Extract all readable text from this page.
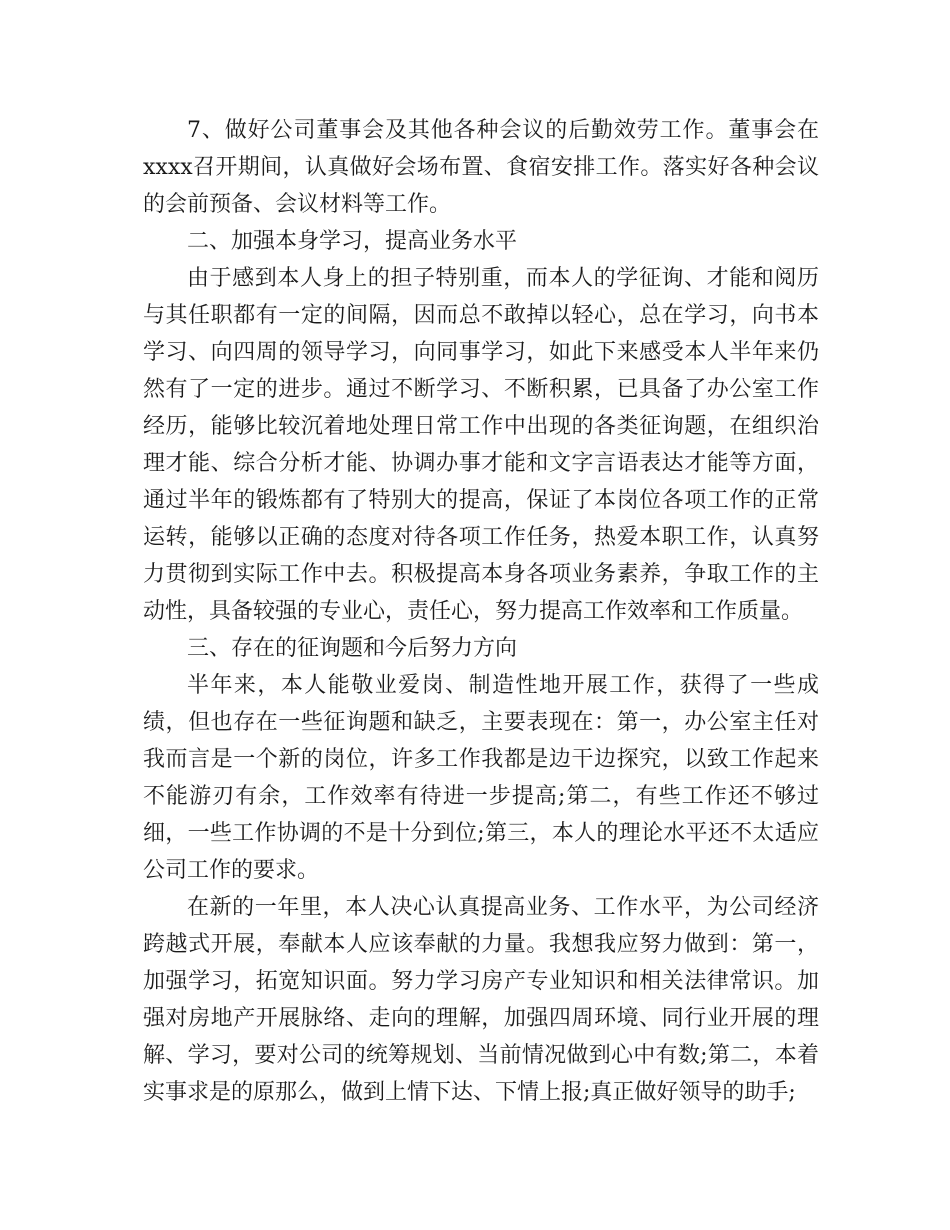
7、做好公司董事会及其他各种会议的后勤效劳工作。董事会在xxxx召开期间，认真做好会场布置、食宿安排工作。落实好各种会议的会前预备、会议材料等工作。

二、加强本身学习，提高业务水平

由于感到本人身上的担子特别重，而本人的学征询、才能和阅历与其任职都有一定的间隔，因而总不敢掉以轻心，总在学习，向书本学习、向四周的领导学习，向同事学习，如此下来感受本人半年来仍然有了一定的进步。通过不断学习、不断积累，已具备了办公室工作经历，能够比较沉着地处理日常工作中出现的各类征询题，在组织治理才能、综合分析才能、协调办事才能和文字言语表达才能等方面，通过半年的锻炼都有了特别大的提高，保证了本岗位各项工作的正常运转，能够以正确的态度对待各项工作任务，热爱本职工作，认真努力贯彻到实际工作中去。积极提高本身各项业务素养，争取工作的主动性，具备较强的专业心，责任心，努力提高工作效率和工作质量。

三、存在的征询题和今后努力方向

半年来，本人能敬业爱岗、制造性地开展工作，获得了一些成绩，但也存在一些征询题和缺乏，主要表现在：第一，办公室主任对我而言是一个新的岗位，许多工作我都是边干边探究，以致工作起来不能游刃有余，工作效率有待进一步提高;第二，有些工作还不够过细，一些工作协调的不是十分到位;第三，本人的理论水平还不太适应公司工作的要求。

在新的一年里，本人决心认真提高业务、工作水平，为公司经济跨越式开展，奉献本人应该奉献的力量。我想我应努力做到：第一，加强学习，拓宽知识面。努力学习房产专业知识和相关法律常识。加强对房地产开展脉络、走向的理解，加强四周环境、同行业开展的理解、学习，要对公司的统筹规划、当前情况做到心中有数;第二，本着实事求是的原那么，做到上情下达、下情上报;真正做好领导的助手;
